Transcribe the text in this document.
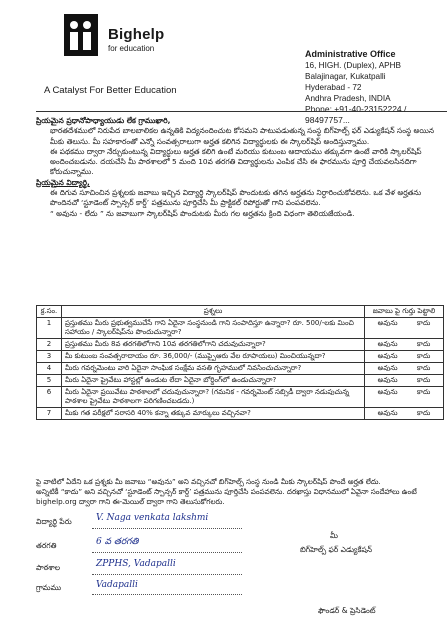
Bighelp
for education
A Catalyst For Better Education
Administrative Office
16, HIGH. (Duplex), APHB
Balajinagar, Kukatpalli
Hyderabad - 72
Andhra Pradesh, INDIA
Phone: +91-40-23152224 / 98497757...

ప్రియమైన ప్రధానోపాధ్యాయుడు లేక గ్రాముఖారి,

భారతదేశములో నిరుపేద బాలబాలికల ఉన్నతికి విద్యనందించుట కోసమని పాటుపడుతున్న సంస్థ బిగ్‌హెల్ప్ ఫర్ ఎడ్యుకేషన్ సంస్థ అయిన మీకు తెలుసు. మీ సహకారంతో ఎన్నో సంవత్సరాలుగా అర్హత కలిగిన విద్యార్థులకు ఈ స్కాలర్‌షిప్ అందిస్తున్నాము.

ఈ పథకము ద్వారా నేర్చుకుంటున్న విద్యార్థులు అర్హత కలిగి ఉంటే మరియు కుటుంబ ఆదాయము తక్కువగా ఉంటే వారికి స్కాలర్‌షిప్ అందించబడును. దయచేసి మీ పాఠశాలలో 5 మంది 10వ తరగతి విద్యార్థులను ఎంపిక చేసి ఈ ఫారమును పూర్తి చేయవలసినదిగా కోరుచున్నాము.

ప్రియమైన విద్యార్థి,

ఈ దిగువ సూచించిన ప్రశ్నలకు జవాబు ఇచ్చిన విద్యార్థి స్కాలర్‌షిప్ పొందుటకు తగిన అర్హతను నిర్ధారించుకోవలెను. ఒక వేళ అర్హతను పొందినచో ‘స్టూడెంట్ స్పాన్సర్ కార్డ్’ పత్రమును పూర్తిచేసి మీ ప్రాక్టికల్ రిపోర్టుతో గాని పంపవలెను.

“ అవును - లేదు ” ను జవాబుగా స్కాలర్‌షిప్ పొందుటకు మీరు గల అర్హతను క్రింది విధంగా తెలియజేయండి.

క్ర.సం.	ప్రశ్నలు	జవాబు పై గుర్తు పెట్టాలి
1	ప్రస్తుతము మీరు ప్రభుత్వముచేసే గాని ఏదైనా సంస్థనుండి గాని సంపాదిస్తూ ఉన్నారా? రూ. 500/-లకు మించి సహాయం / స్కాలర్‌షిప్‌ను పొందుచున్నారా?	అవును కాదు

2	ప్రస్తుతము మీరు 8వ తరగతిలోగాని 10వ తరగతిలోగాని చదువుచున్నారా?	అవును కాదు

3	మీ కుటుంబ సంవత్సరాదాయం రూ. 36,000/- (ముప్పైఆరు వేల రూపాయలు) మించియున్నదా?	అవును కాదు

4	మీరు గవర్నమెంటు వారి ఏదైనా సాంఘిక సంక్షేమ వసతి గృహములో నివసించుచున్నారా?	అవును కాదు

5	మీరు ఏదైనా ప్రైవేటు హాస్టల్లో ఉండుట లేదా ఏదైనా బోర్డింగ్‌లో ఉండుచున్నారా?	అవును కాదు

6	మీరు ఏదైనా ప్రయివేటు పాఠశాలలో చదువుచున్నారా? (గమనిక - గవర్నమెంట్ సబ్సిడీ ద్వారా నడుపుచున్న పాఠశాల ప్రైవేటు పాఠశాలగా పరిగణించబడదు.)	అవును కాదు

7	మీకు గత పరీక్షలో సరాసరి 40% కన్నా తక్కువ మార్కులు వచ్చినవా?	అవును కాదు

పై వాటిలో ఏదేని ఒక ప్రశ్నకు మీ జవాబు “అవును” అని వచ్చినచో బిగ్‌హెల్ప్ సంస్థ నుండి మీకు స్కాలర్‌షిప్ పొందే అర్హత లేదు.

అన్నిటికీ “కాదు” అని వచ్చినచో ‘స్టూడెంట్ స్పాన్సర్ కార్డ్’ పత్రమును పూర్తిచేసి పంపవలెను. దరఖాస్తు విధానములో ఏవైనా సందేహాలు ఉంటే bighelp.org ద్వారా గాని ఈ-మెయిల్ ద్వారా గాని తెలుసుకోగలరు.

విద్యార్థి పేరు	V. Naga venkata lakshmi
తరగతి	6 వ తరగతి
పాఠశాల	ZPPHS, Vadapalli
గ్రామము	Vadapalli
మీ
బిగ్‌హెల్ప్ ఫర్ ఎడ్యుకేషన్
ఫౌండర్ & ప్రెసిడెంట్
